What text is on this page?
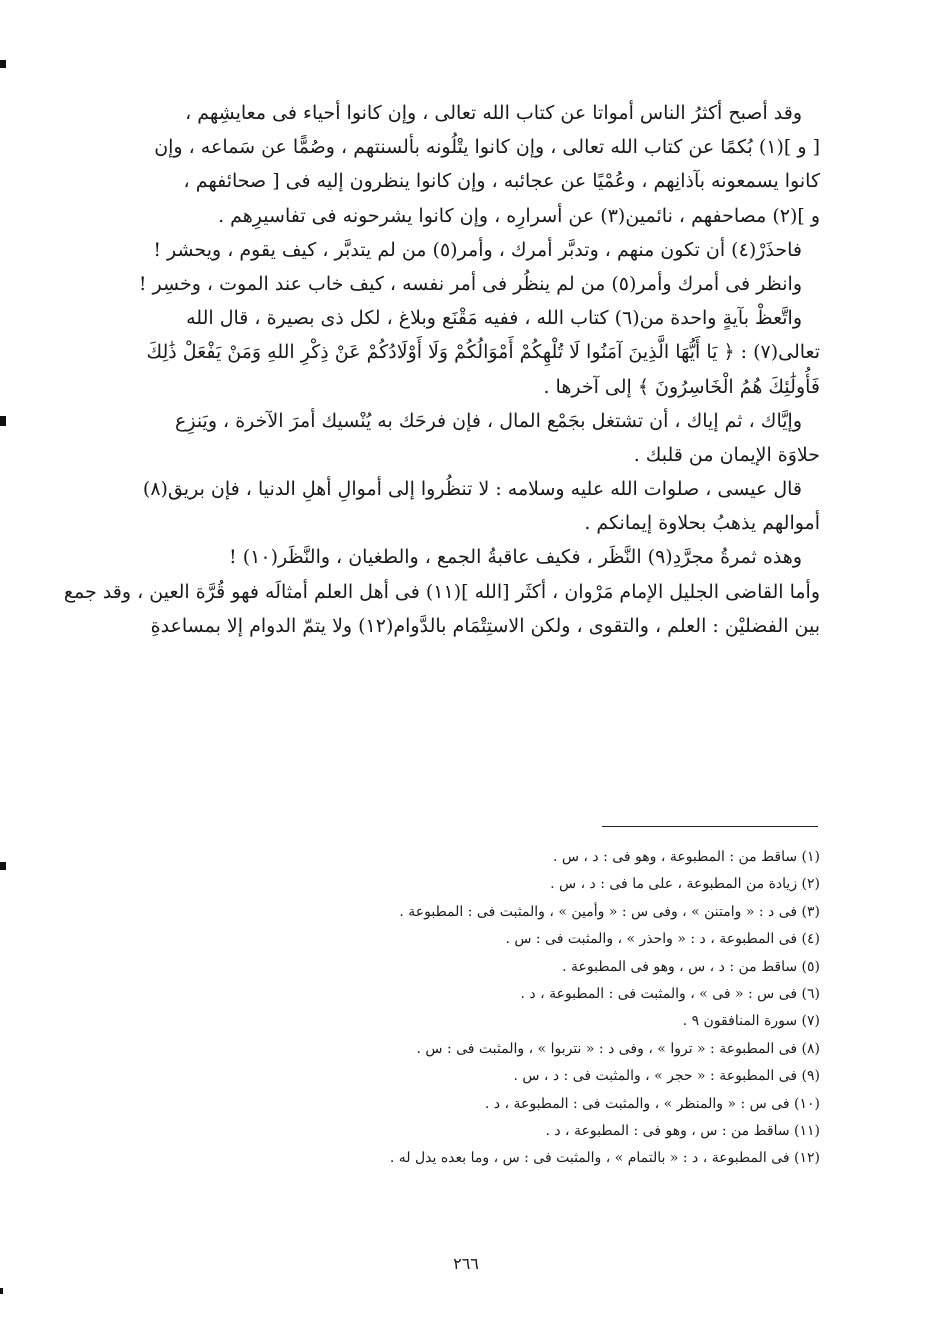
وقد أصبح أكثرُ الناس أمواتا عن كتاب الله تعالى ، وإن كانوا أحياء فى معايشِهم ،
[ و ](١) بُكمًا عن كتاب الله تعالى ، وإن كانوا يتْلُونه بألسنتهم ، وصُمًّا عن سَماعه ، وإن
كانوا يسمعونه بآذانِهم ، وعُمْيًا عن عجائبه ، وإن كانوا ينظرون إليه فى [ صحائفهم ،
و ](٢) مصاحفهم ، نائمين(٣) عن أسرارِه ، وإن كانوا يشرحونه فى تفاسيرِهم .
فاحذَرْ(٤) أن تكون منهم ، وتدبَّر أمرك ، وأمر(٥) من لم يتدبَّر ، كيف يقوم ، ويحشر !
وانظر فى أمرك وأمر(٥) من لم ينظُر فى أمر نفسه ، كيف خاب عند الموت ، وخسِر !
واتَّعظْ بآيةٍ واحدة من(٦) كتاب الله ، ففيه مَقْنَع وبلاغ ، لكل ذى بصيرة ، قال الله
تعالى(٧) : ﴿ يَا أَيُّهَا الَّذِينَ آمَنُوا لَا تُلْهِكُمْ أَمْوَالُكُمْ وَلَا أَوْلَادُكُمْ عَنْ ذِكْرِ اللهِ وَمَنْ يَفْعَلْ ذَٰلِكَ
فَأُولَٰئِكَ هُمُ الْخَاسِرُونَ ﴾ إلى آخرها .
وإيَّاك ، ثم إياك ، أن تشتغل بجَمْع المال ، فإن فرحَك به يُنْسيك أمرَ الآخرة ، ويَنزِع
حلاوَة الإيمان من قلبك .
قال عيسى ، صلوات الله عليه وسلامه : لا تنظُروا إلى أموالِ أهلِ الدنيا ، فإن بريق(٨)
أموالهم يذهبُ بحلاوة إيمانكم .
وهذه ثمرةُ مجرَّدِ(٩) النَّظَر ، فكيف عاقبةُ الجمع ، والطغيان ، والنَّظَر(١٠) !
وأما القاضى الجليل الإمام مَرْوان ، أكثَر [الله ](١١) فى أهل العلم أمثالَه فهو قُرَّة العين ، وقد جمع
بين الفضليْن : العلم ، والتقوى ، ولكن الاستِتْمَام بالدَّوام(١٢) ولا يتمّ الدوام إلا بمساعدةِ
(١) ساقط من : المطبوعة ، وهو فى : د ، س .
(٢) زيادة من المطبوعة ، على ما فى : د ، س .
(٣) فى د : « وامتنن » ، وفى س : « وأمين » ، والمثبت فى : المطبوعة .
(٤) فى المطبوعة ، د : « واحذر » ، والمثبت فى : س .
(٥) ساقط من : د ، س ، وهو فى المطبوعة .
(٦) فى س : « فى » ، والمثبت فى : المطبوعة ، د .
(٧) سورة المنافقون ٩ .
(٨) فى المطبوعة : « تروا » ، وفى د : « نتربوا » ، والمثبت فى : س .
(٩) فى المطبوعة : « حجر » ، والمثبت فى : د ، س .
(١٠) فى س : « والمنظر » ، والمثبت فى : المطبوعة ، د .
(١١) ساقط من : س ، وهو فى : المطبوعة ، د .
(١٢) فى المطبوعة ، د : « بالتمام » ، والمثبت فى : س ، وما بعده يدل له .
٢٦٦
